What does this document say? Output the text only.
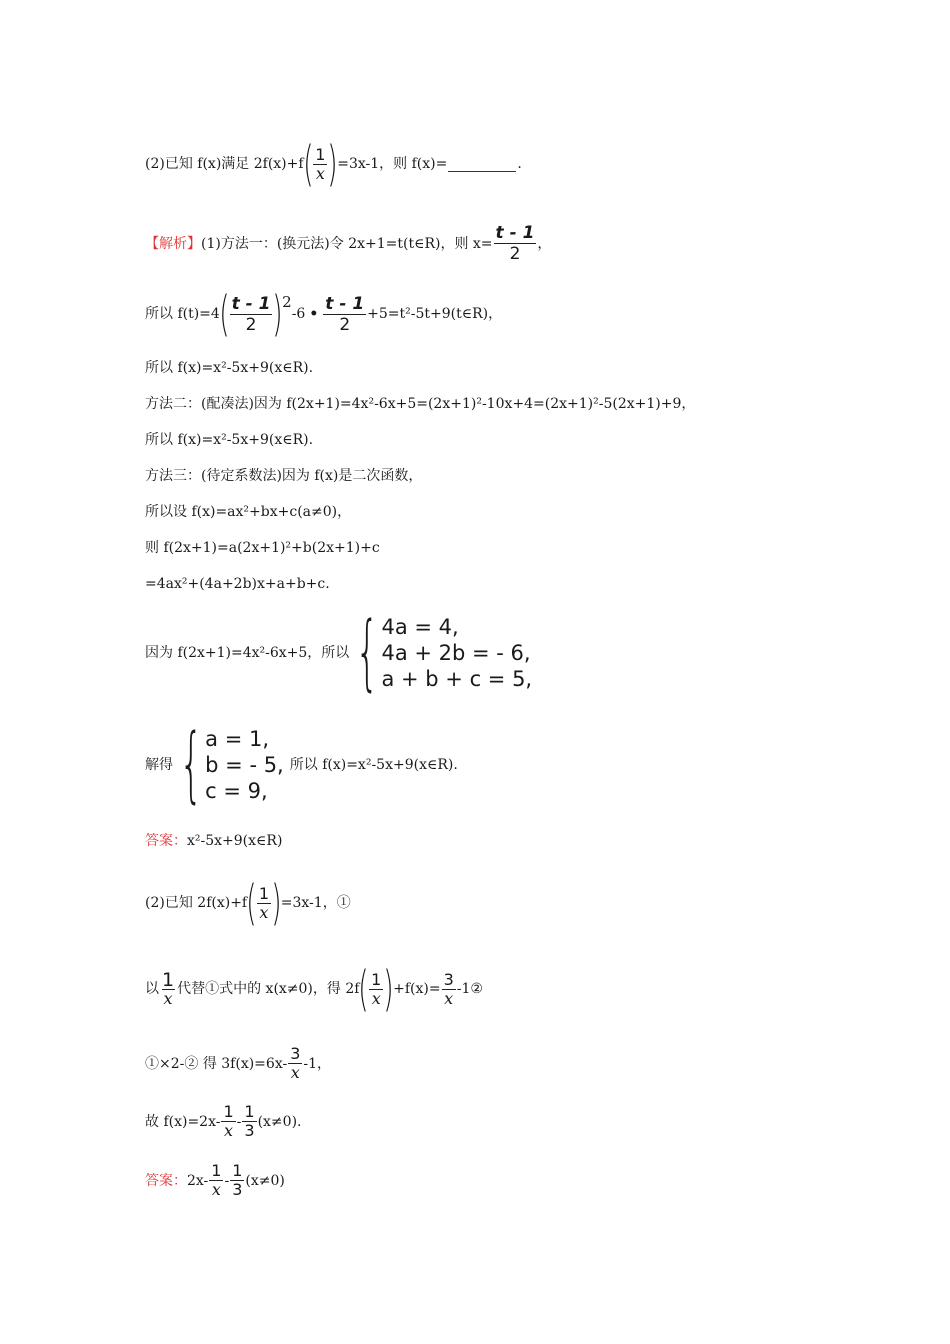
(2)已知 f(x)满足 2f(x)+f ( $\frac{1}{x}$ ) =3x-1，则 f(x)=	.
【解析】 (1)方法一：(换元法)令 2x+1=t(t∈R)，则 $x= \frac{t - 1}{2}$ ，
所以 f(t)=4 ( $\frac{t - 1}{2}$ ) 2
-6 • $\frac{t - 1}{2}$ +5=t²-5t+9(t∈R)，
所以 f(x)=x²-5x+9(x∈R).
方法二：(配凑法)因为 f(2x+1)=4x²-6x+5=(2x+1)²-10x+4=(2x+1)²-5(2x+1)+9，
所以 f(x)=x²-5x+9(x∈R).
方法三：(待定系数法)因为 f(x)是二次函数，
所以设 f(x)=ax²+bx+c(a≠0)，
则 f(2x+1)=a(2x+1)²+b(2x+1)+c
=4ax²+(4a+2b)x+a+b+c.
因为 f(2x+1)=4x²-6x+5，所以 { 4a = 4,
4a + 2b = - 6,
a + b + c = 5,
解得 { a = 1,
b = - 5,
c = 9,
所以 f(x)=x²-5x+9(x∈R).
答案： x²-5x+9(x∈R)
(2)已知 2f(x)+f ( $\frac{1}{x}$ ) =3x-1，①
以 $\frac{1}{x}$ 代替①式中的 x(x≠0)，得 2f ( $\frac{1}{x}$ ) $+f(x)= \frac{3}{x}$ -1②
①×2-② 得 $3f(x)=6x- \frac{3}{x} -1$，
故 $f(x)=2x- \frac{1}{x} - \frac{1}{3} (x\ne 0)$.
答案： $2x- \frac{1}{x} - \frac{1}{3} (x\ne 0)$
